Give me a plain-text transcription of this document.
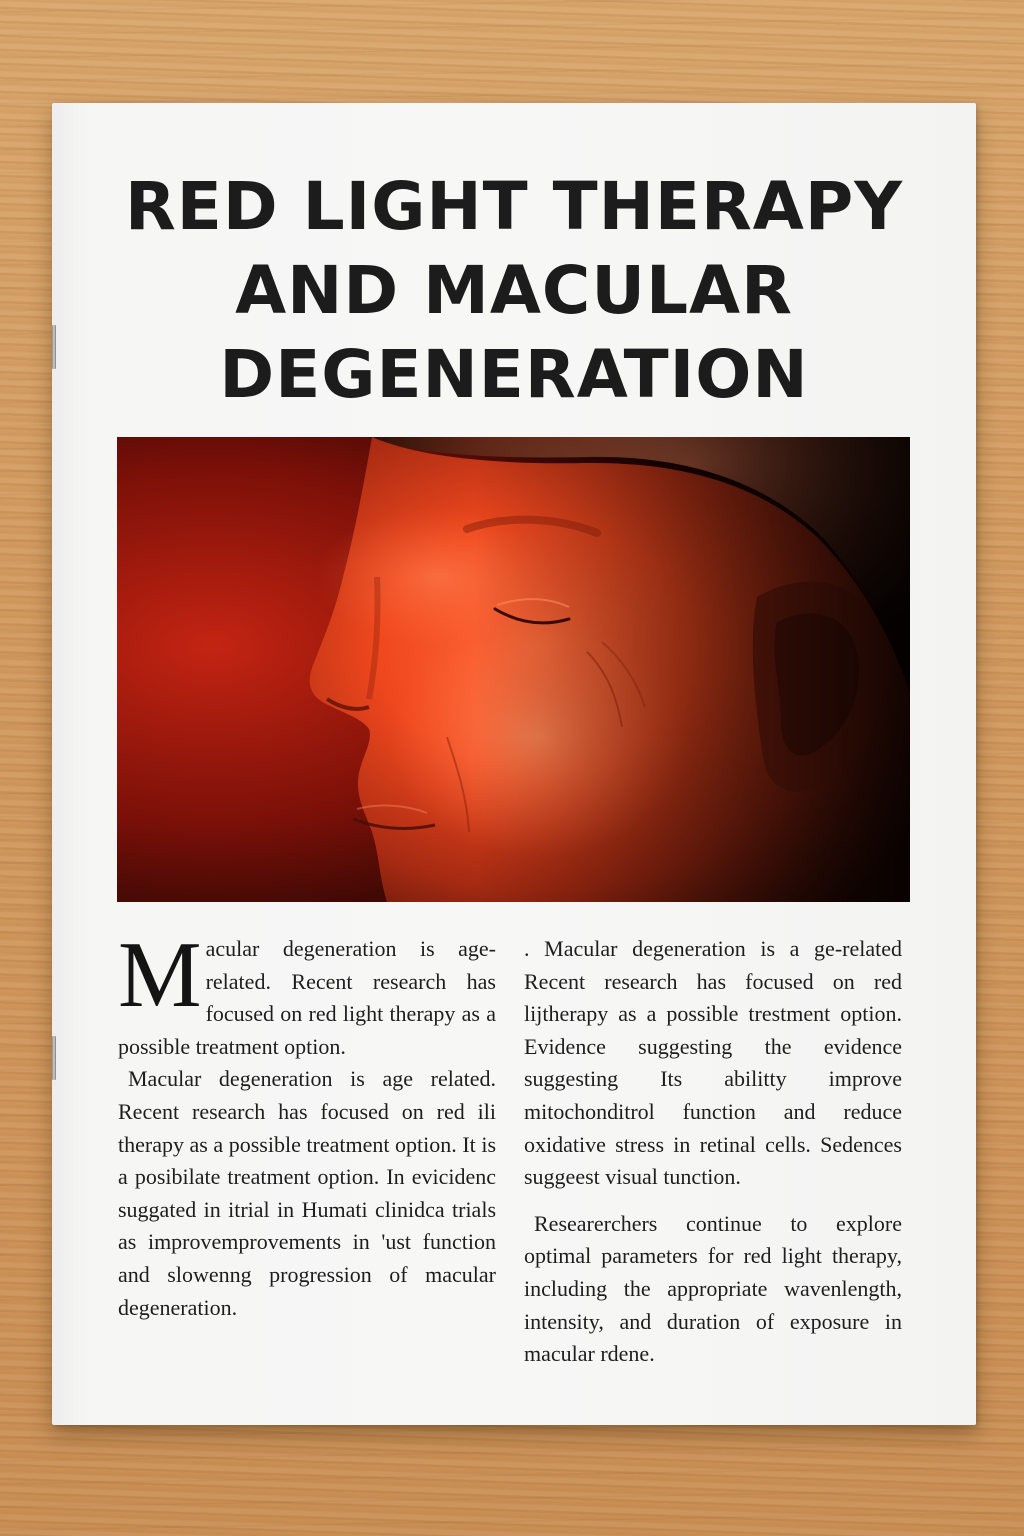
RED LIGHT THERAPY
AND MACULAR
DEGENERATION

Macular degeneration is age-related. Recent research has focused on red light therapy as a possible treatment option.

Macular degeneration is age related. Recent research has focused on red ili therapy as a possible treatment option. It is a posibilate treatment option. In evicidenc suggated in itrial in Humati clinidca trials as improvemprovements in 'ust function and slowenng progression of macular degeneration.

. Macular degeneration is a ge-related Recent research has focused on red lijtherapy as a possible trestment option. Evidence suggesting the evidence suggesting Its abilitty improve mitochonditrol function and reduce oxidative stress in retinal cells. Sedences suggeest visual tunction.

Researerchers continue to explore optimal parameters for red light therapy, including the appropriate wavenlength, intensity, and duration of exposure in macular rdene.
